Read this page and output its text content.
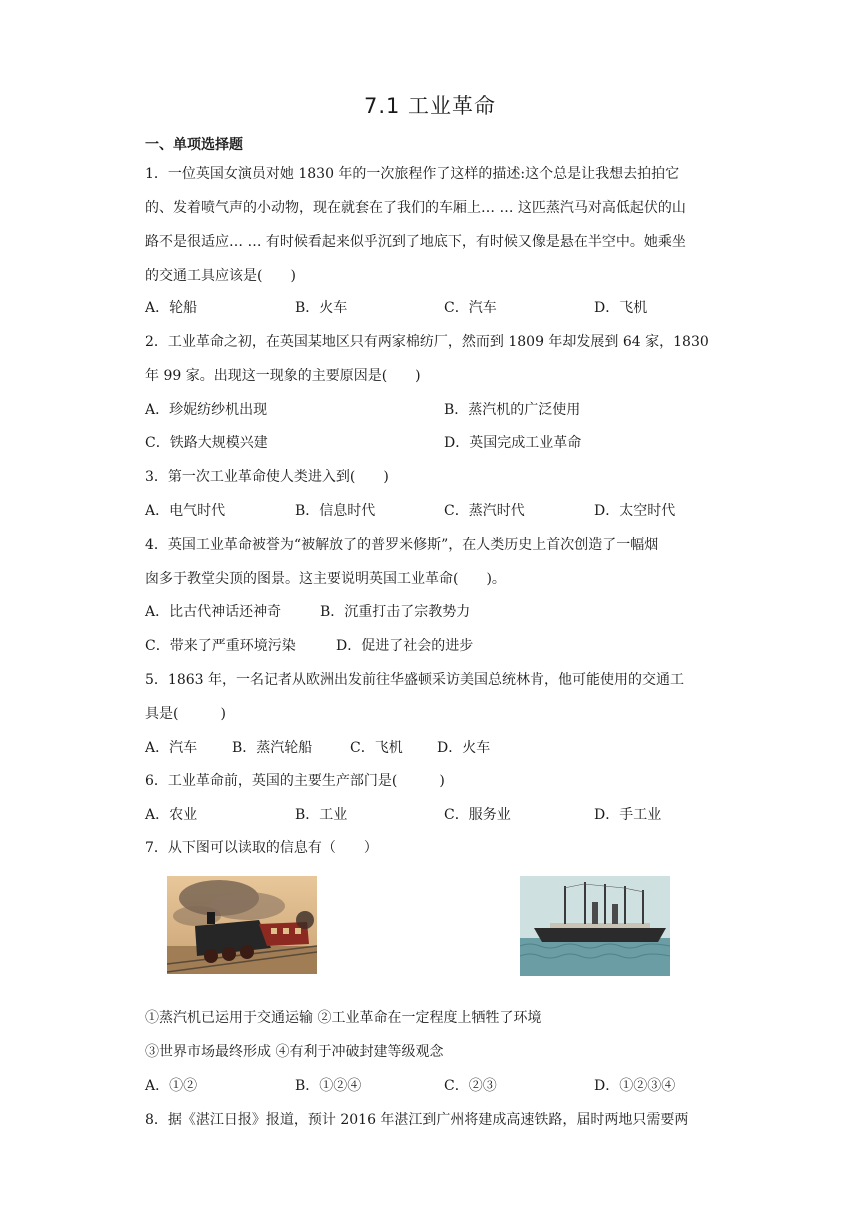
7.1 工业革命
一、单项选择题
1．一位英国女演员对她 1830 年的一次旅程作了这样的描述:这个总是让我想去拍拍它
的、发着喷气声的小动物，现在就套在了我们的车厢上… … 这匹蒸汽马对高低起伏的山
路不是很适应… … 有时候看起来似乎沉到了地底下，有时候又像是悬在半空中。她乘坐
的交通工具应该是(　　)
A．轮船	B．火车	C．汽车	D．飞机
2．工业革命之初，在英国某地区只有两家棉纺厂，然而到 1809 年却发展到 64 家，1830
年 99 家。出现这一现象的主要原因是(　　)
A．珍妮纺纱机出现	B．蒸汽机的广泛使用
C．铁路大规模兴建	D．英国完成工业革命
3．第一次工业革命使人类进入到(　　)
A．电气时代	B．信息时代	C．蒸汽时代	D．太空时代
4．英国工业革命被誉为“被解放了的普罗米修斯”，在人类历史上首次创造了一幅烟
囱多于教堂尖顶的图景。这主要说明英国工业革命(　　)。
A．比古代神话还神奇	B．沉重打击了宗教势力
C．带来了严重环境污染	D．促进了社会的进步
5．1863 年，一名记者从欧洲出发前往华盛顿采访美国总统林肯，他可能使用的交通工
具是(　　　)
A．汽车 B．蒸汽轮船	C．飞机 D．火车
6．工业革命前，英国的主要生产部门是(　　　)
A．农业	B．工业	C．服务业	D．手工业
7．从下图可以读取的信息有（　　）
①蒸汽机已运用于交通运输 ②工业革命在一定程度上牺牲了环境
③世界市场最终形成 ④有利于冲破封建等级观念
A．①②	B．①②④	C．②③	D．①②③④
8．据《湛江日报》报道，预计 2016 年湛江到广州将建成高速铁路，届时两地只需要两
